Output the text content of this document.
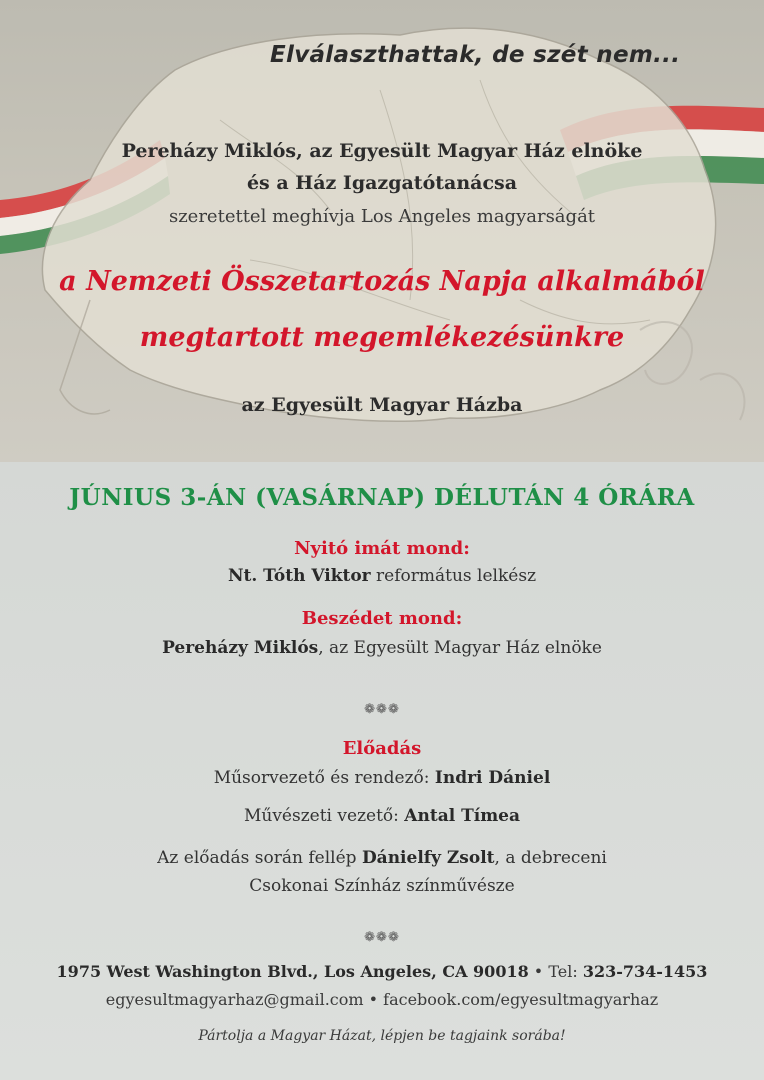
Elválaszthattak, de szét nem...
Pereházy Miklós, az Egyesült Magyar Ház elnöke
és a Ház Igazgatótanácsa
szeretettel meghívja Los Angeles magyarságát
a Nemzeti Összetartozás Napja alkalmából
megtartott megemlékezésünkre
az Egyesült Magyar Házba
JÚNIUS 3-ÁN (VASÁRNAP) DÉLUTÁN 4 ÓRÁRA
Nyitó imát mond:
Nt. Tóth Viktor református lelkész
Beszédet mond:
Pereházy Miklós, az Egyesült Magyar Ház elnöke
❁❁❁
Előadás
Műsorvezető és rendező: Indri Dániel
Művészeti vezető: Antal Tímea
Az előadás során fellép Dánielfy Zsolt, a debreceni
Csokonai Színház színművésze
❁❁❁
1975 West Washington Blvd., Los Angeles, CA 90018 • Tel: 323-734-1453
egyesultmagyarhaz@gmail.com • facebook.com/egyesultmagyarhaz
Pártolja a Magyar Házat, lépjen be tagjaink sorába!
